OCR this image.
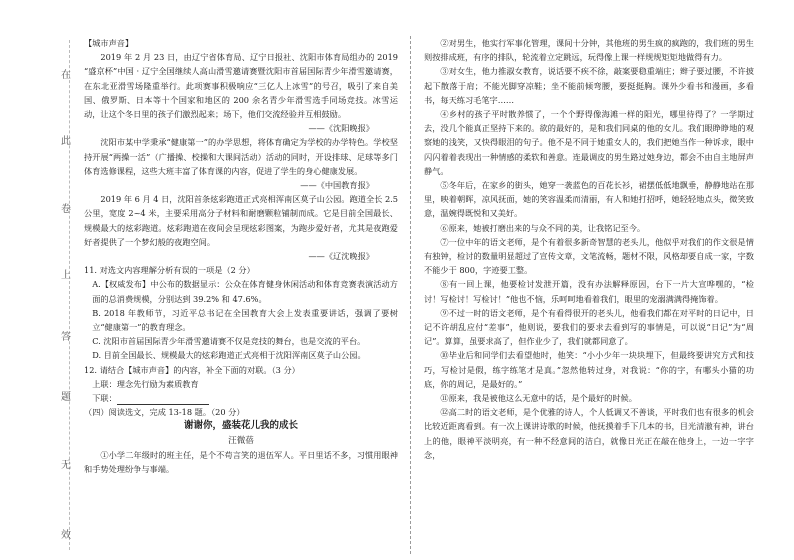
在
此
卷
上
答
题
无
效

【城市声音】

2019 年 2 月 23 日，由辽宁省体育局、辽宁日报社、沈阳市体育局组办的 2019 “盛京杯”中国 · 辽宁全国继续人高山滑雪邀请赛暨沈阳市首届国际青少年滑雪邀请赛，在东北亚滑雪场隆重举行。此项赛事积极响应“三亿人上冰雪”的号召，吸引了来自美国、俄罗斯、日本等十个国家和地区的 200 余名青少年滑雪选手同场竞技。冰雪运动，让这个冬日里的孩子们激烈起来；场下，他们交流经验并互相鼓励。

——《沈阳晚报》

沈阳市某中学秉承“健康第一”的办学思想，将体育确定为学校的办学特色。学校坚持开展“两操一活”（广播操、校操和大课间活动）活动的同时，开设排球、足球等多门体育选修课程，这些大班丰富了体育课的内容，促进了学生的身心健康发展。

——《中国教育报》

2019 年 6 月 4 日，沈阳首条炫彩跑道正式亮相浑南区莫子山公园。跑道全长 2.5 公里，宽度 2~4 米，主要采用高分子材料和耐磨颗粒铺制而成。它是目前全国最长、规模最大的炫彩跑道。炫彩跑道在夜间会呈现炫彩图案，为跑步爱好者，尤其是夜跑爱好者提供了一个梦幻般的夜跑空间。

——《辽沈晚报》

11. 对选文内容理解分析有误的一项是（2 分）

A.【权威发布】中公布的数据显示：公众在体育健身休闲活动和体育竞赛表演活动方面的总消费规模，分别达到 39.2% 和 47.6%。

B. 2018 年教师节，习近平总书记在全国教育大会上发表重要讲话，强调了要树立“健康第一”的教育理念。

C. 沈阳市首届国际青少年滑雪邀请赛不仅是竞技的舞台，也是交流的平台。

D. 目前全国最长、规模最大的炫彩跑道正式亮相于沈阳浑南区莫子山公园。

12. 请结合【城市声音】的内容，补全下面的对联。（3 分）

上联：理念先行励为素质教育

下联：

（四）阅读选文，完成 13-18 题。（20 分）

谢谢你，盛装花儿我的成长

汪微蓓

①小学二年级时的班主任，是个不苟言笑的退伍军人。平日里话不多，习惯用眼神和手势处理纷争与事端。

②对男生，他实行军事化管理，课间十分钟，其他班的男生疯的疯跑的，我们班的男生则按排成班，有序的排队，轮流着立定跳远，玩得像上课一样规规矩矩地做得有力。

③对女生，他力推淑女教育，说话要不疾不徐，敲案要稳重端庄；辫子要过腰，不许披起下散落于肩；不能光脚穿凉鞋；坐不能前倾弯腰，要挺挺胸。课外少看书和漫画，多看书，每天练习毛笔字……

④乡村的孩子平时散养惯了，一个个野得像海滩一样的阳光，哪里待得了？一学期过去，没几个能真正坚持下来的。欲的最好的，是和我们同桌的他的女儿。我们眼睁睁地的观察她的浅笑，又快得眼泪的句子。他不是不同于她重女人的，我们把她当作一种诉求，眼中闪闪着着表现出一种情感的柔软和善意。连最调皮的男生路过她身边，都会不由自主地屏声静气。

⑤冬年后，在家乡的街头，她穿一袭蓝色的百花长衫，裙摆低低地飘垂，静静地站在那里，映着朝晖，凉风抚面，她的笑容温柔而清丽，有人和她打招呼，她轻轻地点头，微笑致意，温婉得既悦和又美好。

⑥原来，她被打磨出来的与众不同的美，让我铭记至今。

⑦一位中年的语文老师，是个有着很多新奇智慧的老头儿，他似乎对我们的作文很是情有独钟，检讨的数量明显超过了宣传文章，文笔流畅，题材不限，风格却要自成一家，字数不能少于 800，字迹要工整。

⑧有一回上课，他要检讨发泄开篇，没有办法解释原因，台下一片大宣哗嘿的，“检讨！写检讨！写检讨！”他也不恼，乐呵呵地看着我们，眼里的宠溺满满得掩饰着。

⑨不过一时的语文老师，是个有看得很开的老头儿，他看我们都在对平时的日记中，日记不许胡乱应付“差事”，他则说，要我们的要求去看到写的事情是，可以说“日记”为“周记”。算算，虽要求高了，但作业少了，我们就都同意了。

⑩毕业后和同学们去看望他时，他笑：“小小少年一块块埋下，但最终要讲究方式和技巧，写检讨是假，练字练笔才是真。”忽然他转过身，对我说：“你的字，有哪头小猫的功底，你的周记，是最好的。”

⑪原来，我是被他这么无意中的话，是个最好的时候。

⑫高二时的语文老师，是个优雅的诗人，个人低调又不善谈，平时我们也有很多的机会比较近距离看到。有一次上课讲诗歌的时候，他抚摸着手下几本的书，目光清澈有神，讲台上的他，眼神平淡明亮，有一种不经意间的洁白，就像日光正在敲在他身上，一边一字字念，
